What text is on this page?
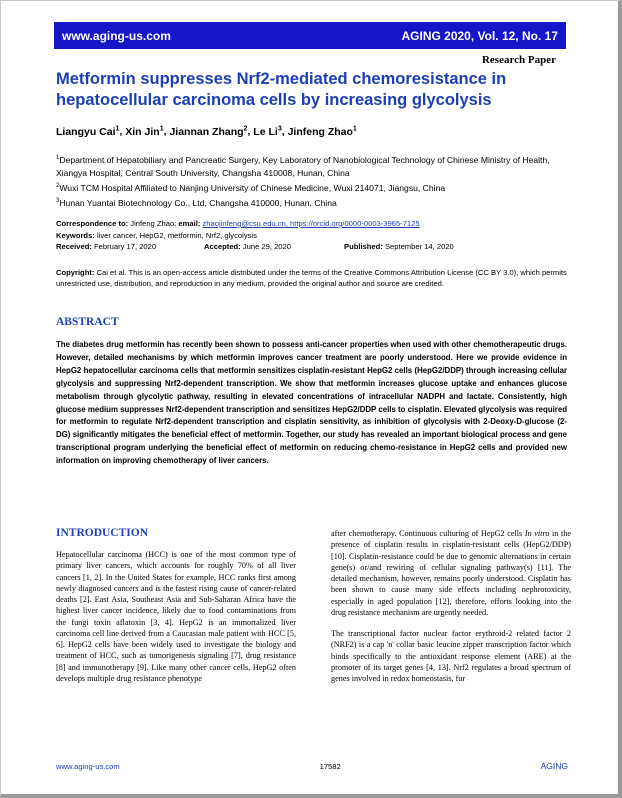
www.aging-us.com	AGING 2020, Vol. 12, No. 17
Research Paper
Metformin suppresses Nrf2-mediated chemoresistance in hepatocellular carcinoma cells by increasing glycolysis
Liangyu Cai$^1$, Xin Jin$^1$, Jiannan Zhang$^2$, Le Li$^3$, Jinfeng Zhao$^1$
$^1$Department of Hepatobiliary and Pancreatic Surgery, Key Laboratory of Nanobiological Technology of Chinese Ministry of Health, Xiangya Hospital, Central South University, Changsha 410008, Hunan, China
$^2$Wuxi TCM Hospital Affiliated to Nanjing University of Chinese Medicine, Wuxi 214071, Jiangsu, China
$^3$Hunan Yuantai Biotechnology Co., Ltd, Changsha 410000, Hunan, China
Correspondence to: Jinfeng Zhao; email: zhaojinfeng@csu.edu.cn, https://orcid.org/0000-0003-3965-7125
Keywords: liver cancer, HepG2, metformin, Nrf2, glycolysis
Received: February 17, 2020	Accepted: June 29, 2020	Published: September 14, 2020
Copyright: Cai et al. This is an open-access article distributed under the terms of the Creative Commons Attribution License (CC BY 3.0), which permits unrestricted use, distribution, and reproduction in any medium, provided the original author and source are credited.
ABSTRACT
The diabetes drug metformin has recently been shown to possess anti-cancer properties when used with other chemotherapeutic drugs. However, detailed mechanisms by which metformin improves cancer treatment are poorly understood. Here we provide evidence in HepG2 hepatocellular carcinoma cells that metformin sensitizes cisplatin-resistant HepG2 cells (HepG2/DDP) through increasing cellular glycolysis and suppressing Nrf2-dependent transcription. We show that metformin increases glucose uptake and enhances glucose metabolism through glycolytic pathway, resulting in elevated concentrations of intracellular NADPH and lactate. Consistently, high glucose medium suppresses Nrf2-dependent transcription and sensitizes HepG2/DDP cells to cisplatin. Elevated glycolysis was required for metformin to regulate Nrf2-dependent transcription and cisplatin sensitivity, as inhibition of glycolysis with 2-Deoxy-D-glucose (2-DG) significantly mitigates the beneficial effect of metformin. Together, our study has revealed an important biological process and gene transcriptional program underlying the beneficial effect of metformin on reducing chemo-resistance in HepG2 cells and provided new information on improving chemotherapy of liver cancers.
INTRODUCTION

Hepatocellular carcinoma (HCC) is one of the most common type of primary liver cancers, which accounts for roughly 70% of all liver cancers [1, 2]. In the United States for example, HCC ranks first among newly diagnosed cancers and is the fastest rising cause of cancer-related deaths [2]. East Asia, Southeast Asia and Sub-Saharan Africa have the highest liver cancer incidence, likely due to food contaminations from the fungi toxin aflatoxin [3, 4]. HepG2 is an immortalized liver carcinoma cell line derived from a Caucasian male patient with HCC [5, 6]. HepG2 cells have been widely used to investigate the biology and treatment of HCC, such as tumorigenesis signaling [7], drug resistance [8] and immunotherapy [9]. Like many other cancer cells, HepG2 often develops multiple drug resistance phenotype

after chemotherapy. Continuous culturing of HepG2 cells In vitro in the presence of cisplatin results in cisplatin-resistant cells (HepG2/DDP) [10]. Cisplatin-resistance could be due to genomic alternations in certain gene(s) or/and rewiring of cellular signaling pathway(s) [11]. The detailed mechanism, however, remains poorly understood. Cisplatin has been shown to cause many side effects including nephrotoxicity, especially in aged population [12], therefore, efforts looking into the drug resistance mechanism are urgently needed.

The transcriptional factor nuclear factor erythroid-2 related factor 2 (NRF2) is a cap 'n' collar basic leucine zipper transcription factor which binds specifically to the antioxidant response element (ARE) at the promoter of its target genes [4, 13]. Nrf2 regulates a broad spectrum of genes involved in redox homeostasis, fur

www.aging-us.com	17582	AGING
